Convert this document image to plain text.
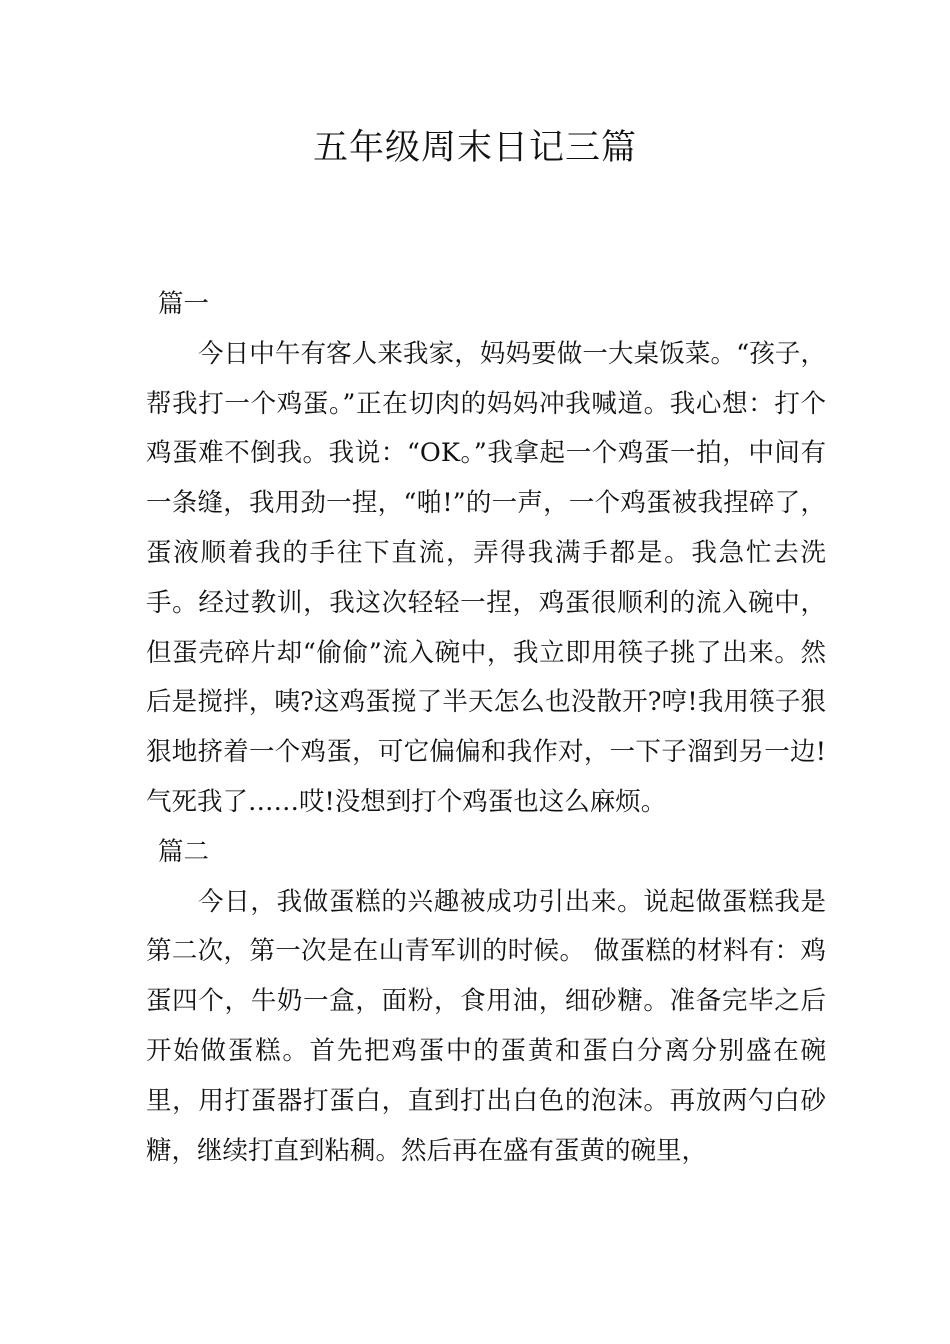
五年级周末日记三篇
篇一

今日中午有客人来我家，妈妈要做一大桌饭菜。“孩子，帮我打一个鸡蛋。”正在切肉的妈妈冲我喊道。我心想：打个鸡蛋难不倒我。我说：“OK。”我拿起一个鸡蛋一拍，中间有一条缝，我用劲一捏，“啪!”的一声，一个鸡蛋被我捏碎了，蛋液顺着我的手往下直流，弄得我满手都是。我急忙去洗手。经过教训，我这次轻轻一捏，鸡蛋很顺利的流入碗中，但蛋壳碎片却“偷偷”流入碗中，我立即用筷子挑了出来。然后是搅拌，咦?这鸡蛋搅了半天怎么也没散开?哼!我用筷子狠狠地挤着一个鸡蛋，可它偏偏和我作对，一下子溜到另一边!气死我了……哎!没想到打个鸡蛋也这么麻烦。

篇二

今日，我做蛋糕的兴趣被成功引出来。说起做蛋糕我是第二次，第一次是在山青军训的时候。 做蛋糕的材料有：鸡蛋四个，牛奶一盒，面粉，食用油，细砂糖。准备完毕之后开始做蛋糕。首先把鸡蛋中的蛋黄和蛋白分离分别盛在碗里，用打蛋器打蛋白，直到打出白色的泡沫。再放两勺白砂糖，继续打直到粘稠。然后再在盛有蛋黄的碗里，
